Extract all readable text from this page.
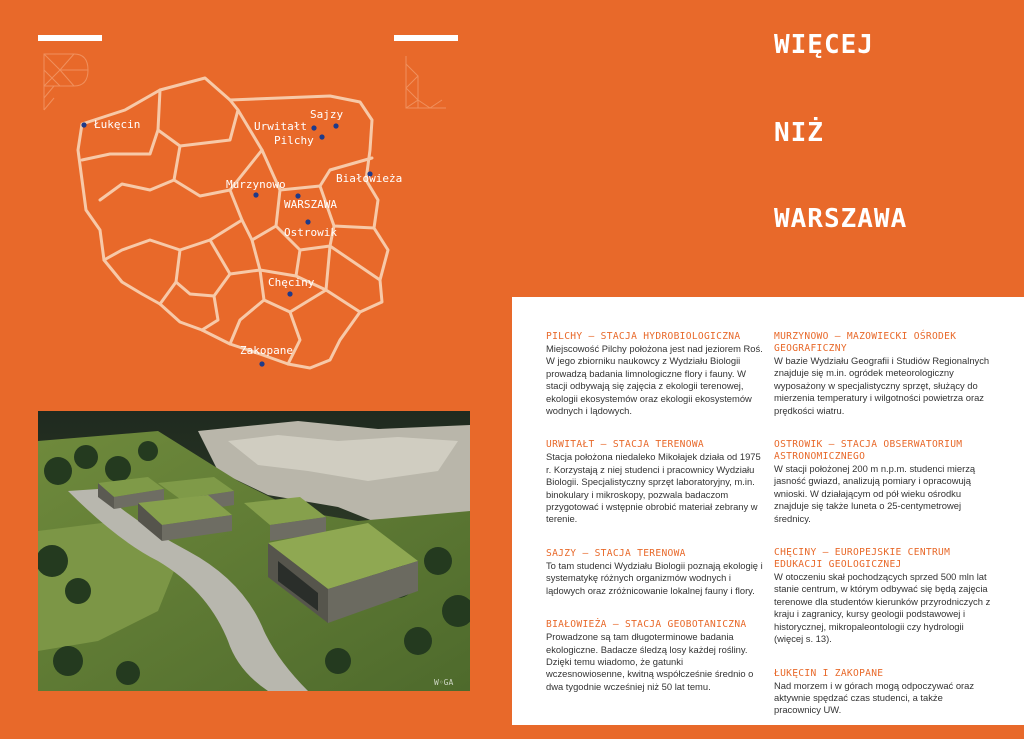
Łukęcin
Sajzy
Urwitałt
Pilchy
Białowieża
Murzynowo
WARSZAWA
Ostrowik
Chęciny
Zakopane
WIĘCEJ
NIŻ
WARSZAWA
W◦GA

PILCHY – STACJA HYDROBIOLOGICZNA

Miejscowość Pilchy położona jest nad jeziorem Roś. W jego zbiorniku naukowcy z Wydziału Biologii prowadzą badania limnologiczne flory i fauny. W stacji odbywają się zajęcia z ekologii terenowej, ekologii ekosystemów oraz ekologii ekosystemów wodnych i lądowych.

URWITAŁT – STACJA TERENOWA

Stacja położona niedaleko Mikołajek działa od 1975 r. Korzystają z niej studenci i pracownicy Wydziału Biologii. Specjalistyczny sprzęt laboratoryjny, m.in. binokulary i mikroskopy, pozwala badaczom przygotować i wstępnie obrobić materiał zebrany w terenie.

SAJZY – STACJA TERENOWA

To tam studenci Wydziału Biologii poznają ekologię i systematykę różnych organizmów wodnych i lądowych oraz zróżnicowanie lokalnej fauny i flory.

BIAŁOWIEŻA – STACJA GEOBOTANICZNA

Prowadzone są tam długoterminowe badania ekologiczne. Badacze śledzą losy każdej rośliny. Dzięki temu wiadomo, że gatunki wczesnowiosenne, kwitną współcześnie średnio o dwa tygodnie wcześniej niż 50 lat temu.

MURZYNOWO – MAZOWIECKI OŚRODEK GEOGRAFICZNY

W bazie Wydziału Geografii i Studiów Regionalnych znajduje się m.in. ogródek meteorologiczny wyposażony w specjalistyczny sprzęt, służący do mierzenia temperatury i wilgotności powietrza oraz prędkości wiatru.

OSTROWIK – STACJA OBSERWATORIUM ASTRONOMICZNEGO

W stacji położonej 200 m n.p.m. studenci mierzą jasność gwiazd, analizują pomiary i opracowują wnioski. W działającym od pół wieku ośrodku znajduje się także luneta o 25-centymetrowej średnicy.

CHĘCINY – EUROPEJSKIE CENTRUM EDUKACJI GEOLOGICZNEJ

W otoczeniu skał pochodzących sprzed 500 mln lat stanie centrum, w którym odbywać się będą zajęcia terenowe dla studentów kierunków przyrodniczych z kraju i zagranicy, kursy geologii podstawowej i historycznej, mikropaleontologii czy hydrologii (więcej s. 13).

ŁUKĘCIN I ZAKOPANE

Nad morzem i w górach mogą odpoczywać oraz aktywnie spędzać czas studenci, a także pracownicy UW.
